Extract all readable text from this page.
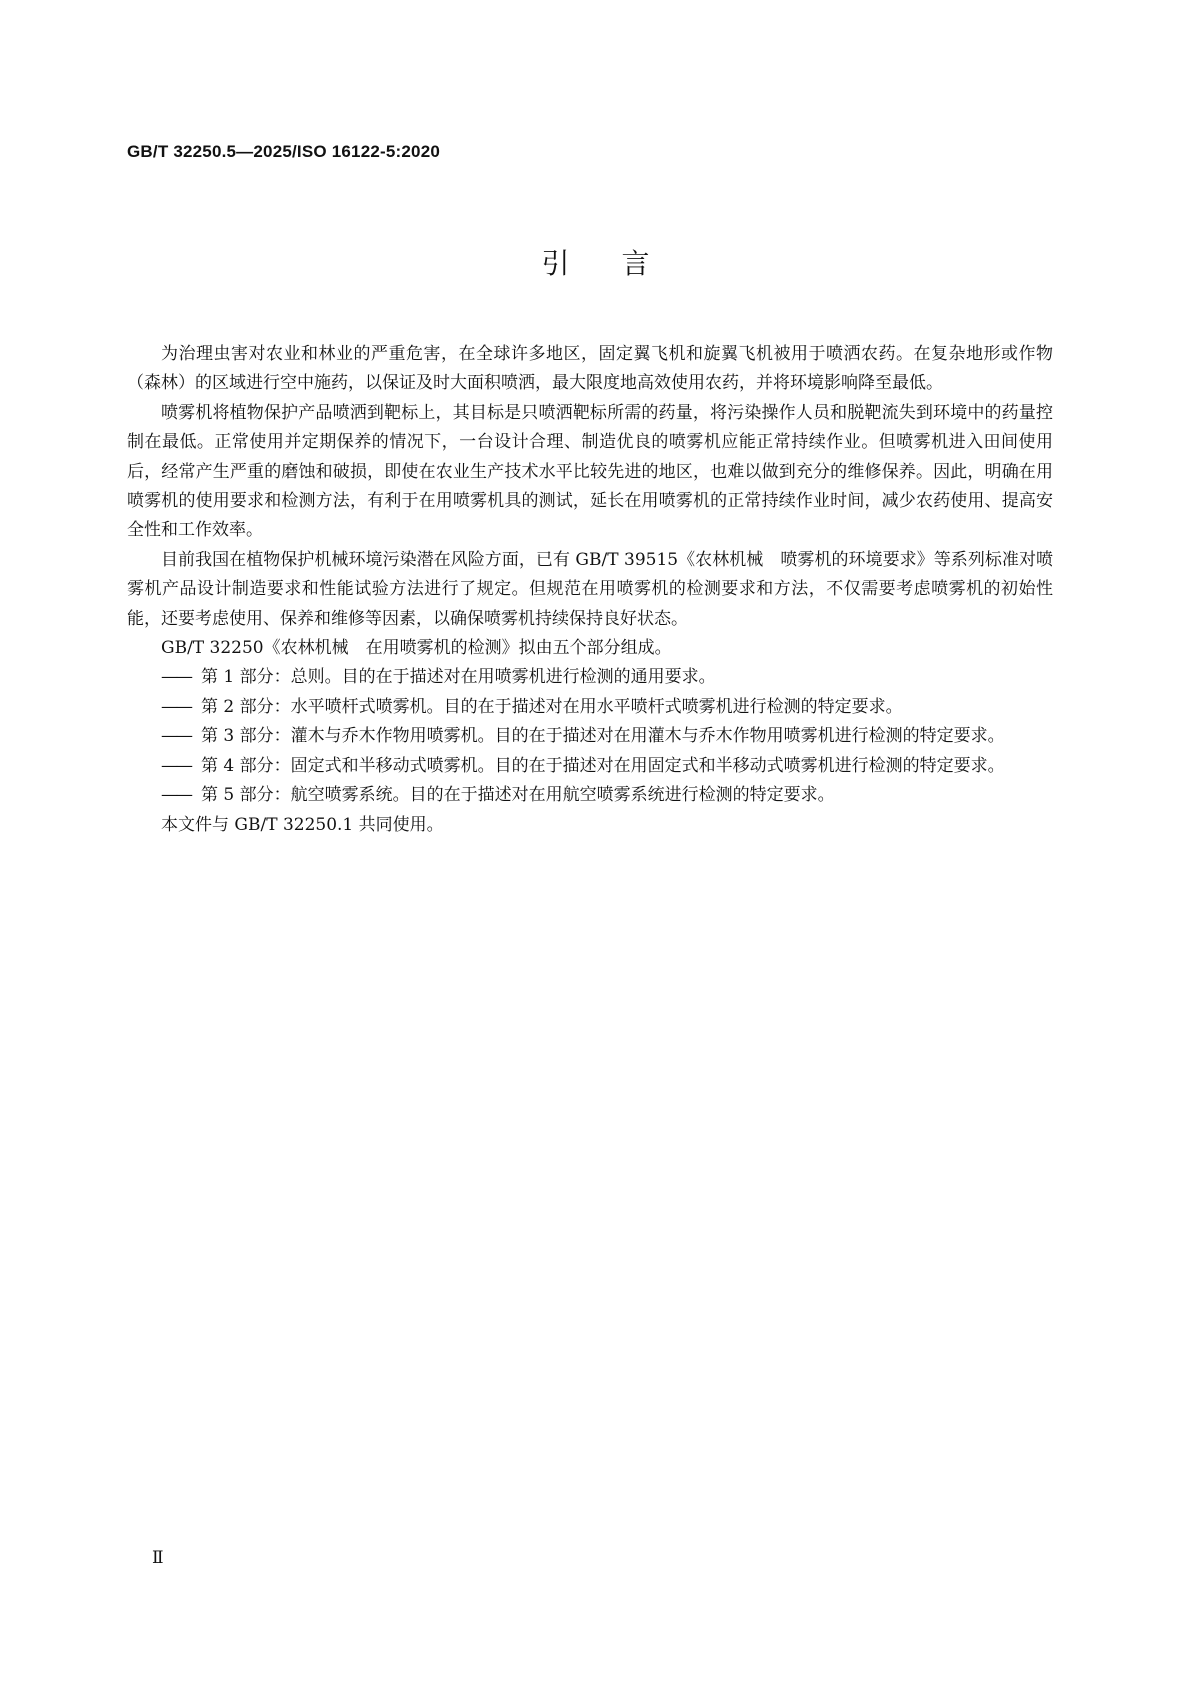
GB/T 32250.5—2025/ISO 16122-5:2020
引言

为治理虫害对农业和林业的严重危害，在全球许多地区，固定翼飞机和旋翼飞机被用于喷洒农药。在复杂地形或作物（森林）的区域进行空中施药，以保证及时大面积喷洒，最大限度地高效使用农药，并将环境影响降至最低。

喷雾机将植物保护产品喷洒到靶标上，其目标是只喷洒靶标所需的药量，将污染操作人员和脱靶流失到环境中的药量控制在最低。正常使用并定期保养的情况下，一台设计合理、制造优良的喷雾机应能正常持续作业。但喷雾机进入田间使用后，经常产生严重的磨蚀和破损，即使在农业生产技术水平比较先进的地区，也难以做到充分的维修保养。因此，明确在用喷雾机的使用要求和检测方法，有利于在用喷雾机具的测试，延长在用喷雾机的正常持续作业时间，减少农药使用、提高安全性和工作效率。

目前我国在植物保护机械环境污染潜在风险方面，已有 GB/T 39515《农林机械　喷雾机的环境要求》等系列标准对喷雾机产品设计制造要求和性能试验方法进行了规定。但规范在用喷雾机的检测要求和方法，不仅需要考虑喷雾机的初始性能，还要考虑使用、保养和维修等因素，以确保喷雾机持续保持良好状态。

GB/T 32250《农林机械　在用喷雾机的检测》拟由五个部分组成。

—— 第 1 部分：总则。目的在于描述对在用喷雾机进行检测的通用要求。
—— 第 2 部分：水平喷杆式喷雾机。目的在于描述对在用水平喷杆式喷雾机进行检测的特定要求。
—— 第 3 部分：灌木与乔木作物用喷雾机。目的在于描述对在用灌木与乔木作物用喷雾机进行检测的特定要求。
—— 第 4 部分：固定式和半移动式喷雾机。目的在于描述对在用固定式和半移动式喷雾机进行检测的特定要求。
—— 第 5 部分：航空喷雾系统。目的在于描述对在用航空喷雾系统进行检测的特定要求。

本文件与 GB/T 32250.1 共同使用。

Ⅱ
